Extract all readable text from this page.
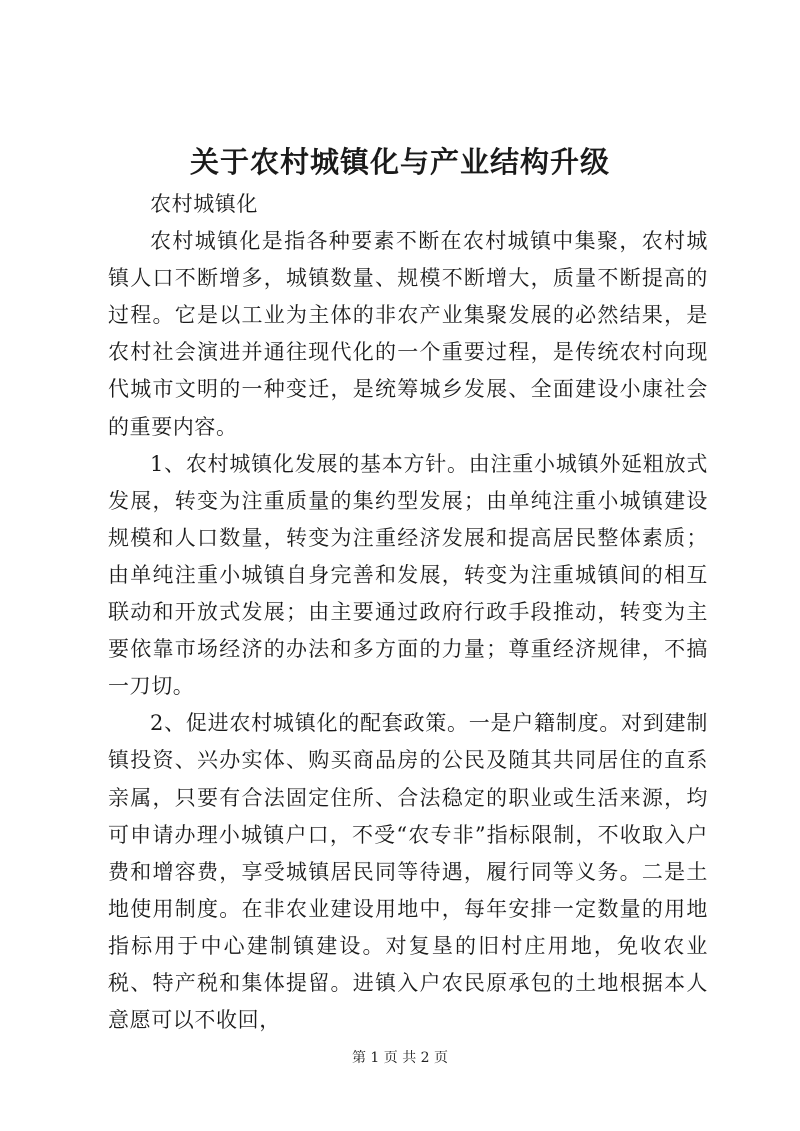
关于农村城镇化与产业结构升级

农村城镇化

农村城镇化是指各种要素不断在农村城镇中集聚，农村城镇人口不断增多，城镇数量、规模不断增大，质量不断提高的过程。它是以工业为主体的非农产业集聚发展的必然结果，是农村社会演进并通往现代化的一个重要过程，是传统农村向现代城市文明的一种变迁，是统筹城乡发展、全面建设小康社会的重要内容。

1、农村城镇化发展的基本方针。由注重小城镇外延粗放式发展，转变为注重质量的集约型发展；由单纯注重小城镇建设规模和人口数量，转变为注重经济发展和提高居民整体素质；由单纯注重小城镇自身完善和发展，转变为注重城镇间的相互联动和开放式发展；由主要通过政府行政手段推动，转变为主要依靠市场经济的办法和多方面的力量；尊重经济规律，不搞一刀切。

2、促进农村城镇化的配套政策。一是户籍制度。对到建制镇投资、兴办实体、购买商品房的公民及随其共同居住的直系亲属，只要有合法固定住所、合法稳定的职业或生活来源，均可申请办理小城镇户口，不受“农专非”指标限制，不收取入户费和增容费，享受城镇居民同等待遇，履行同等义务。二是土地使用制度。在非农业建设用地中，每年安排一定数量的用地指标用于中心建制镇建设。对复垦的旧村庄用地，免收农业税、特产税和集体提留。进镇入户农民原承包的土地根据本人意愿可以不收回，

第 1 页 共 2 页
